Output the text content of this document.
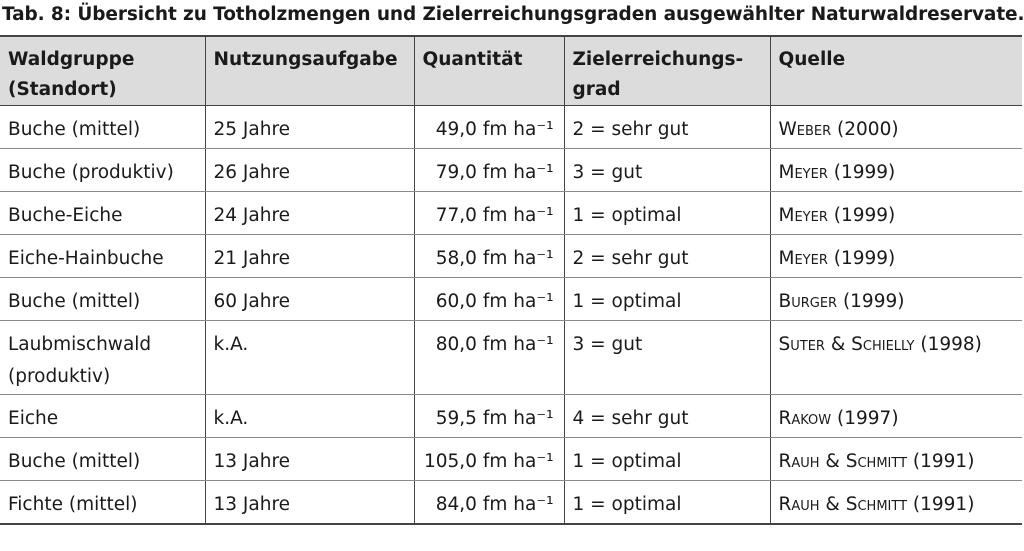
Tab. 8: Übersicht zu Totholzmengen und Zielerreichungsgraden ausgewählter Naturwaldreservate.
Waldgruppe (Standort)	Nutzungsaufgabe	Quantität	Zielerreichungs-grad	Quelle
Buche (mittel)	25 Jahre	49,0 fm ha⁻¹	2 = sehr gut	Weber (2000)
Buche (produktiv)	26 Jahre	79,0 fm ha⁻¹	3 = gut	Meyer (1999)
Buche-Eiche	24 Jahre	77,0 fm ha⁻¹	1 = optimal	Meyer (1999)
Eiche-Hainbuche	21 Jahre	58,0 fm ha⁻¹	2 = sehr gut	Meyer (1999)
Buche (mittel)	60 Jahre	60,0 fm ha⁻¹	1 = optimal	Burger (1999)
Laubmischwald (produktiv)	k.A.	80,0 fm ha⁻¹	3 = gut	Suter & Schielly (1998)
Eiche	k.A.	59,5 fm ha⁻¹	4 = sehr gut	Rakow (1997)
Buche (mittel)	13 Jahre	105,0 fm ha⁻¹	1 = optimal	Rauh & Schmitt (1991)
Fichte (mittel)	13 Jahre	84,0 fm ha⁻¹	1 = optimal	Rauh & Schmitt (1991)
